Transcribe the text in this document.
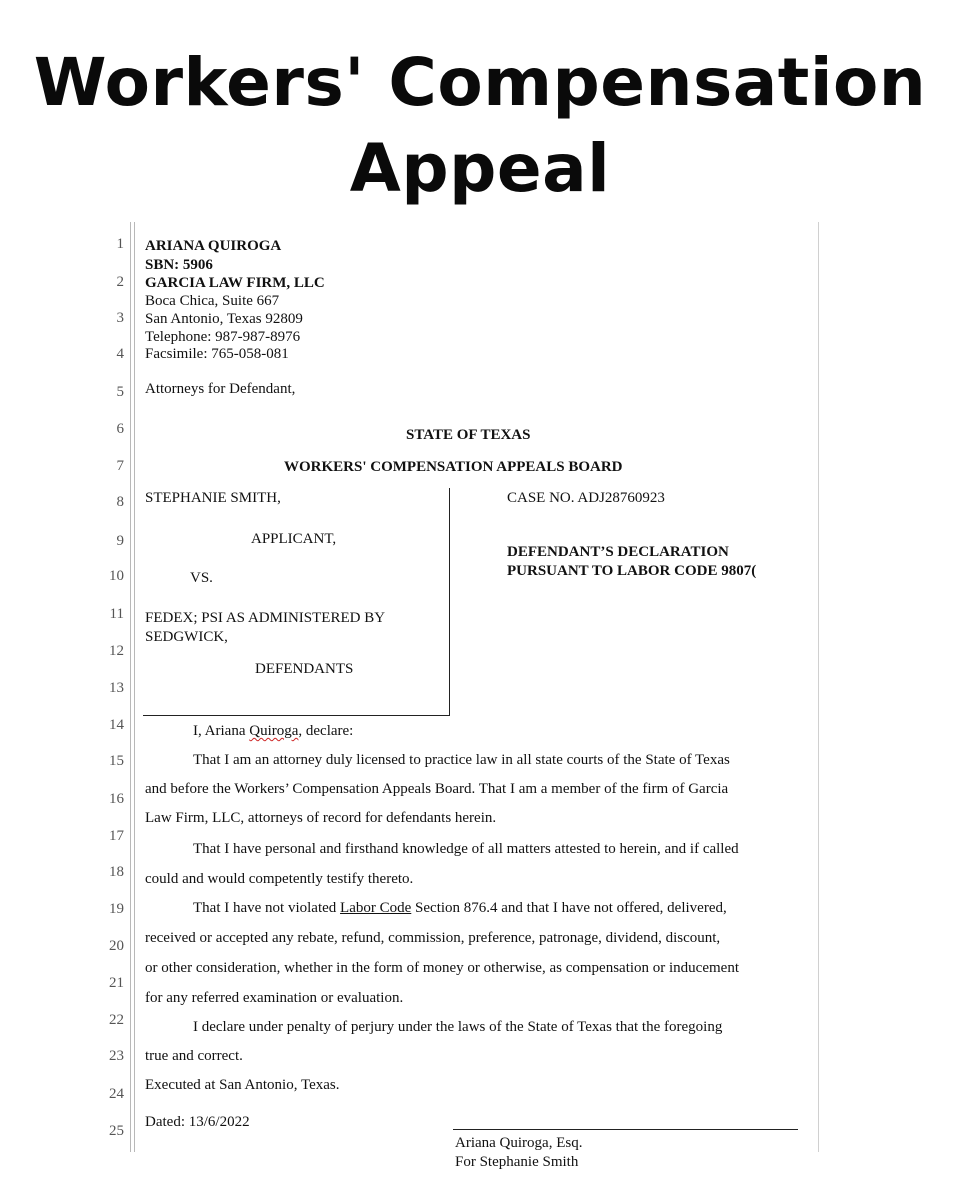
Workers' Compensation
Appeal
1
2
3
4
5
6
7
8
9
10
11
12
13
14
15
16
17
18
19
20
21
22
23
24
25
ARIANA QUIROGA
SBN: 5906
GARCIA LAW FIRM, LLC
Boca Chica, Suite 667
San Antonio, Texas 92809
Telephone: 987-987-8976
Facsimile: 765-058-081
Attorneys for Defendant,
STATE OF TEXAS
WORKERS' COMPENSATION APPEALS BOARD
STEPHANIE SMITH,
APPLICANT,
VS.
FEDEX; PSI AS ADMINISTERED BY
SEDGWICK,
DEFENDANTS
CASE NO. ADJ28760923
DEFENDANT’S DECLARATION
PURSUANT TO LABOR CODE 9807(
I, Ariana Quiroga, declare:
That I am an attorney duly licensed to practice law in all state courts of the State of Texas
and before the Workers’ Compensation Appeals Board. That I am a member of the firm of Garcia
Law Firm, LLC, attorneys of record for defendants herein.
That I have personal and firsthand knowledge of all matters attested to herein, and if called
could and would competently testify thereto.
That I have not violated Labor Code Section 876.4 and that I have not offered, delivered,
received or accepted any rebate, refund, commission, preference, patronage, dividend, discount,
or other consideration, whether in the form of money or otherwise, as compensation or inducement
for any referred examination or evaluation.
I declare under penalty of perjury under the laws of the State of Texas that the foregoing
true and correct.
Executed at San Antonio, Texas.
Dated: 13/6/2022
Ariana Quiroga, Esq.
For Stephanie Smith
